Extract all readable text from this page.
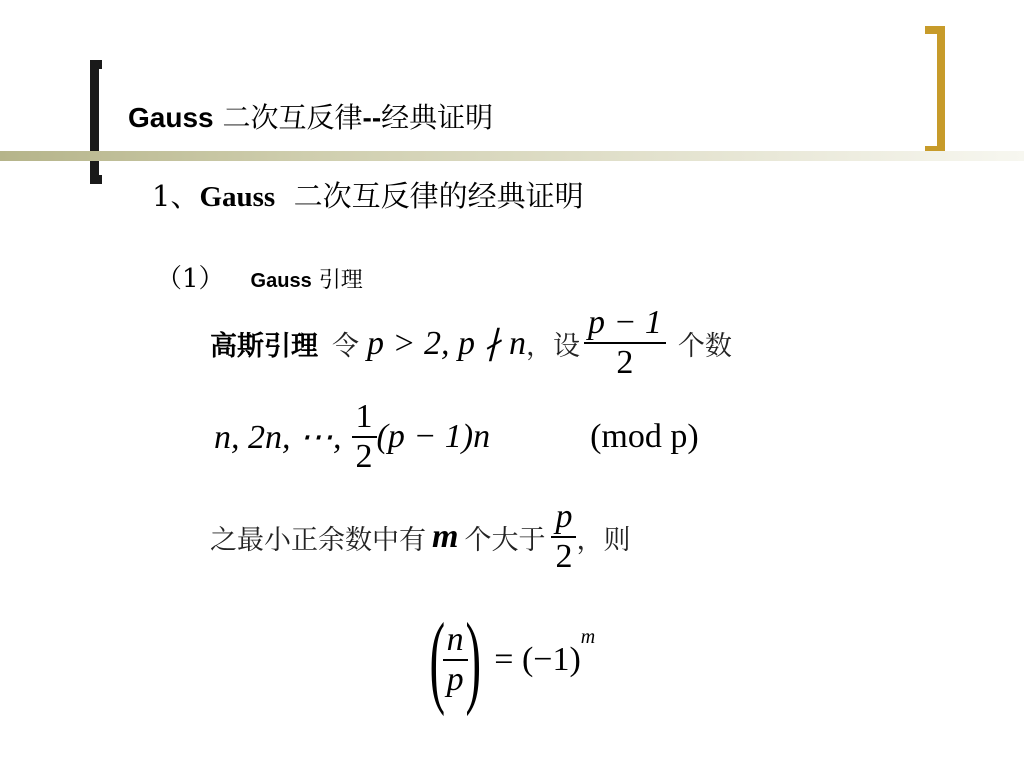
Gauss 二次互反律--经典证明
1、Gauss  二次互反律的经典证明
（1） Gauss 引理
高斯引理 令 p > 2, p ∤ n ， 设 $\frac{p - 1}{2}$ 个数
n, 2n, ⋯, $\frac{1}{2} (p - 1)n$	(mod p)
之最小正余数中有 m 个大于 $\frac{p}{2}$ ，则
(
$\frac{n}{p}$
) = (−1)
$^m$
